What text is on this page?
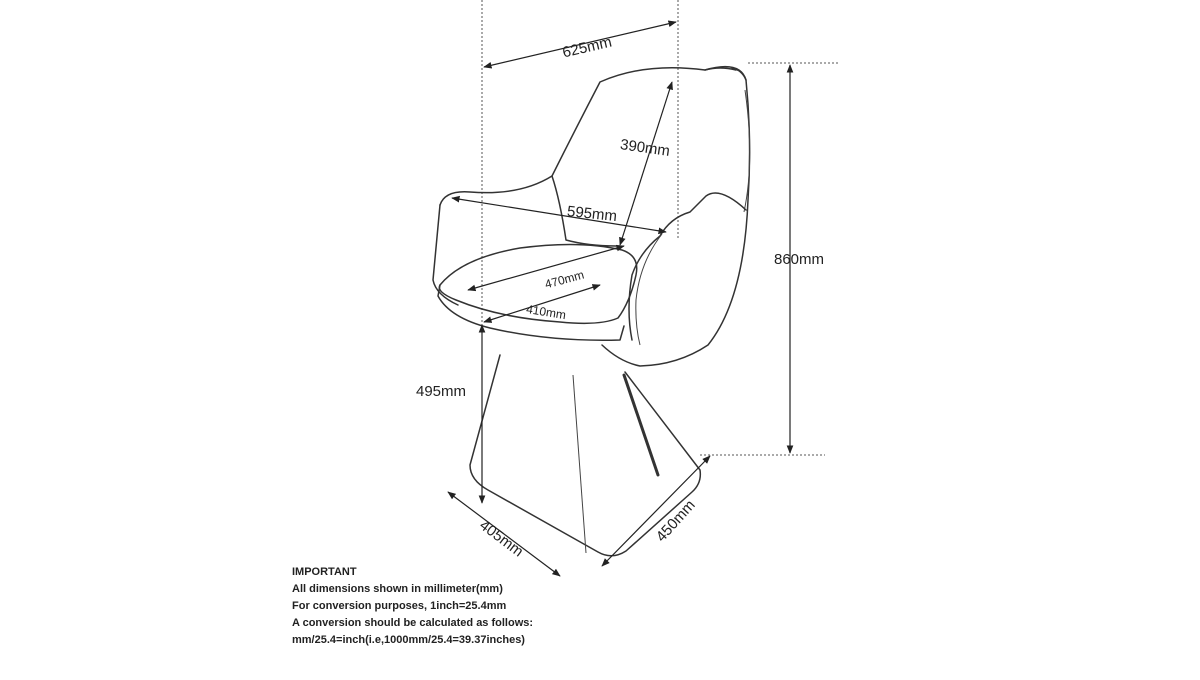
625mm
390mm
595mm
470mm
410mm
860mm
495mm
405mm	450mm
IMPORTANT
All dimensions shown in millimeter(mm)
For conversion purposes, 1inch=25.4mm
A conversion should be calculated as follows:
mm/25.4=inch(i.e,1000mm/25.4=39.37inches)
